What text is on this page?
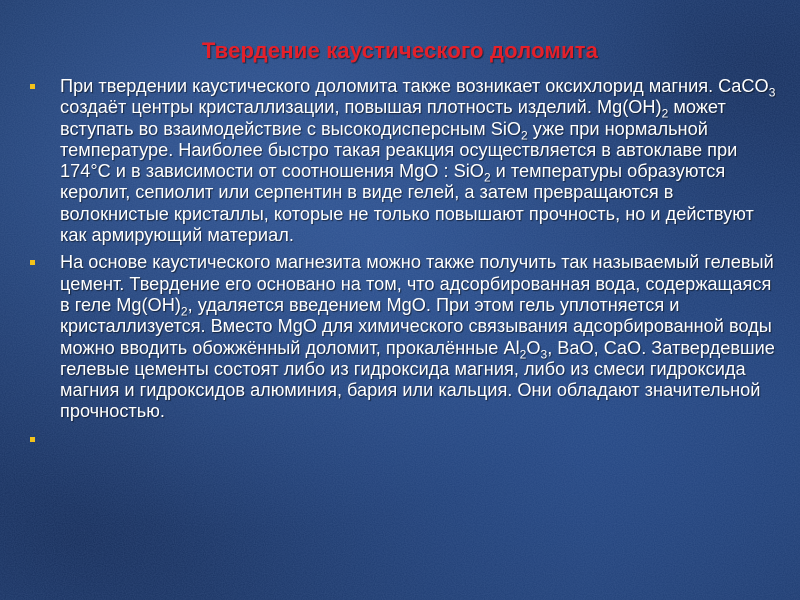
Твердение каустического доломита
При твердении каустического доломита также возникает оксихлорид магния. CaCO$_3$ создаёт центры кристаллизации, повышая плотность изделий. $Mg(OH)_2$ может вступать во взаимодействие с высокодисперсным SiO$_2$ уже при нормальной температуре. Наиболее быстро такая реакция осуществляется в автоклаве при 174°С и в зависимости от соотношения MgO : SiO$_2$ и температуры образуются керолит, сепиолит или серпентин в виде гелей, а затем превращаются в волокнистые кристаллы, которые не только повышают прочность, но и действуют как армирующий материал.
На основе каустического магнезита можно также получить так называемый гелевый цемент. Твердение его основано на том, что адсорбированная вода, содержащаяся в геле $Mg(OH)_2$, удаляется введением MgO. При этом гель уплотняется и кристаллизуется. Вместо MgO для химического связывания адсорбированной воды можно вводить обожжённый доломит, прокалённые $Al_2O_3$, BaO, CaO. Затвердевшие гелевые цементы состоят либо из гидроксида магния, либо из смеси гидроксида магния и гидроксидов алюминия, бария или кальция. Они обладают значительной прочностью.
